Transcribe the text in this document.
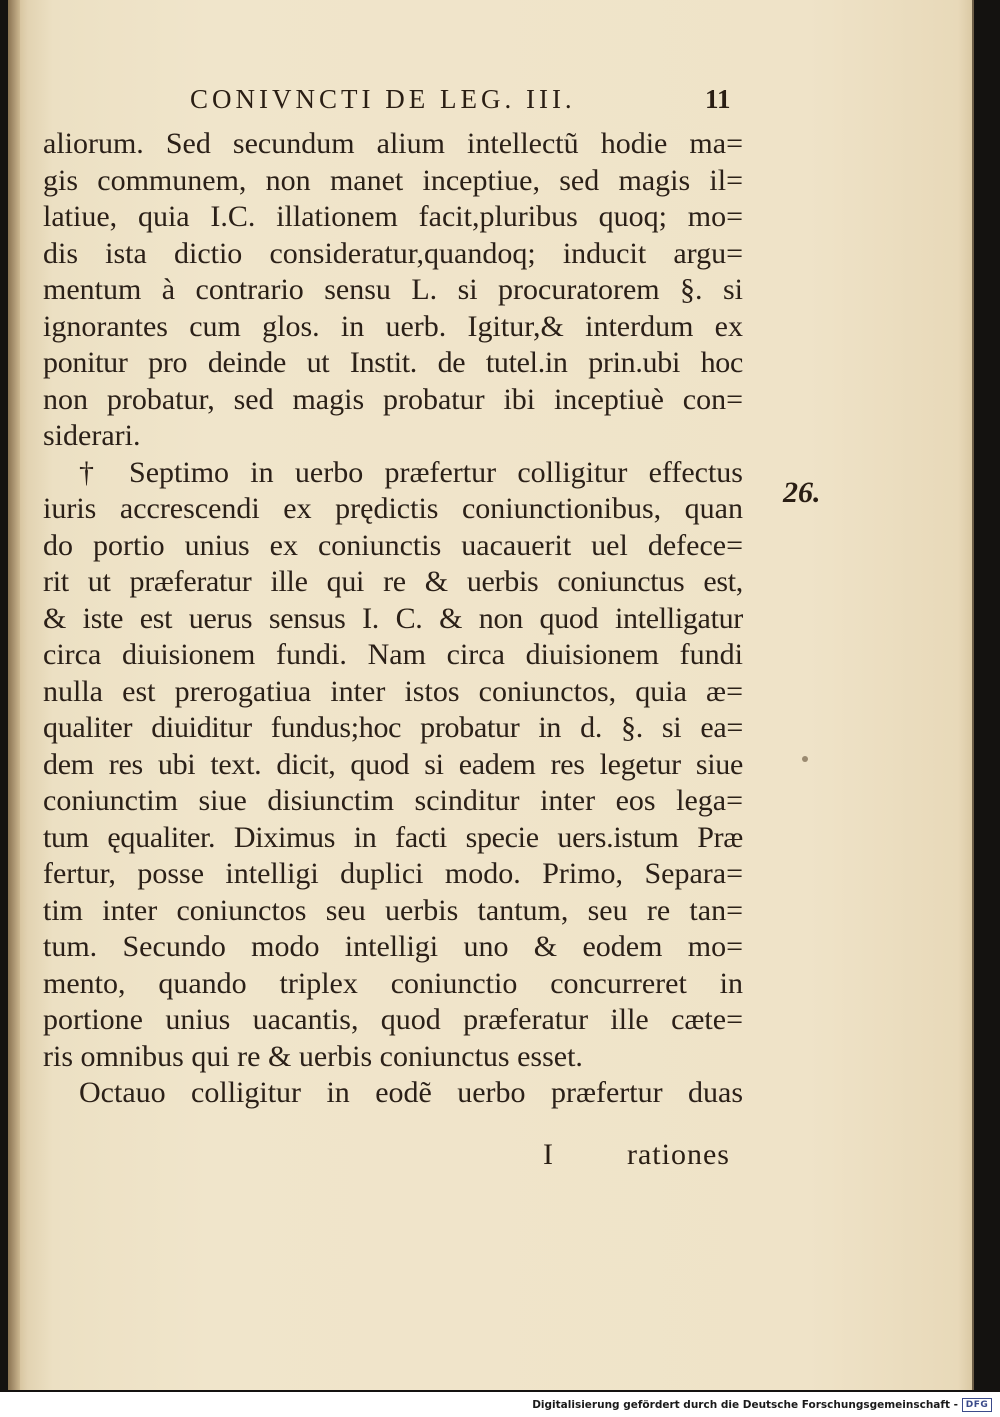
CONIVNCTI DE LEG. III.	11
aliorum. Sed secundum alium intellectũ hodie ma=
gis communem, non manet inceptiue, sed magis il=
latiue, quia I.C. illationem facit,pluribus quoq; mo=
dis ista dictio consideratur,quandoq; inducit argu=
mentum à contrario sensu L. si procuratorem §. si
ignorantes cum glos. in uerb. Igitur,& interdum ex
ponitur pro deinde ut Instit. de tutel.in prin.ubi hoc
non probatur, sed magis probatur ibi inceptiuè con=
siderari.
† Septimo in uerbo præfertur colligitur effectus
iuris accrescendi ex prędictis coniunctionibus, quan
do portio unius ex coniunctis uacauerit uel defece=
rit ut præferatur ille qui re & uerbis coniunctus est,
& iste est uerus sensus I. C. & non quod intelligatur
circa diuisionem fundi. Nam circa diuisionem fundi
nulla est prerogatiua inter istos coniunctos, quia æ=
qualiter diuiditur fundus;hoc probatur in d. §. si ea=
dem res ubi text. dicit, quod si eadem res legetur siue
coniunctim siue disiunctim scinditur inter eos lega=
tum ęqualiter. Diximus in facti specie uers.istum Præ
fertur, posse intelligi duplici modo. Primo, Separa=
tim inter coniunctos seu uerbis tantum, seu re tan=
tum. Secundo modo intelligi uno & eodem mo=
mento, quando triplex coniunctio concurreret in
portione unius uacantis, quod præferatur ille cæte=
ris omnibus qui re & uerbis coniunctus esset.
Octauo colligitur in eodẽ uerbo præfertur duas
26.
I rationes
Digitalisierung gefördert durch die Deutsche Forschungsgemeinschaft - DFG
